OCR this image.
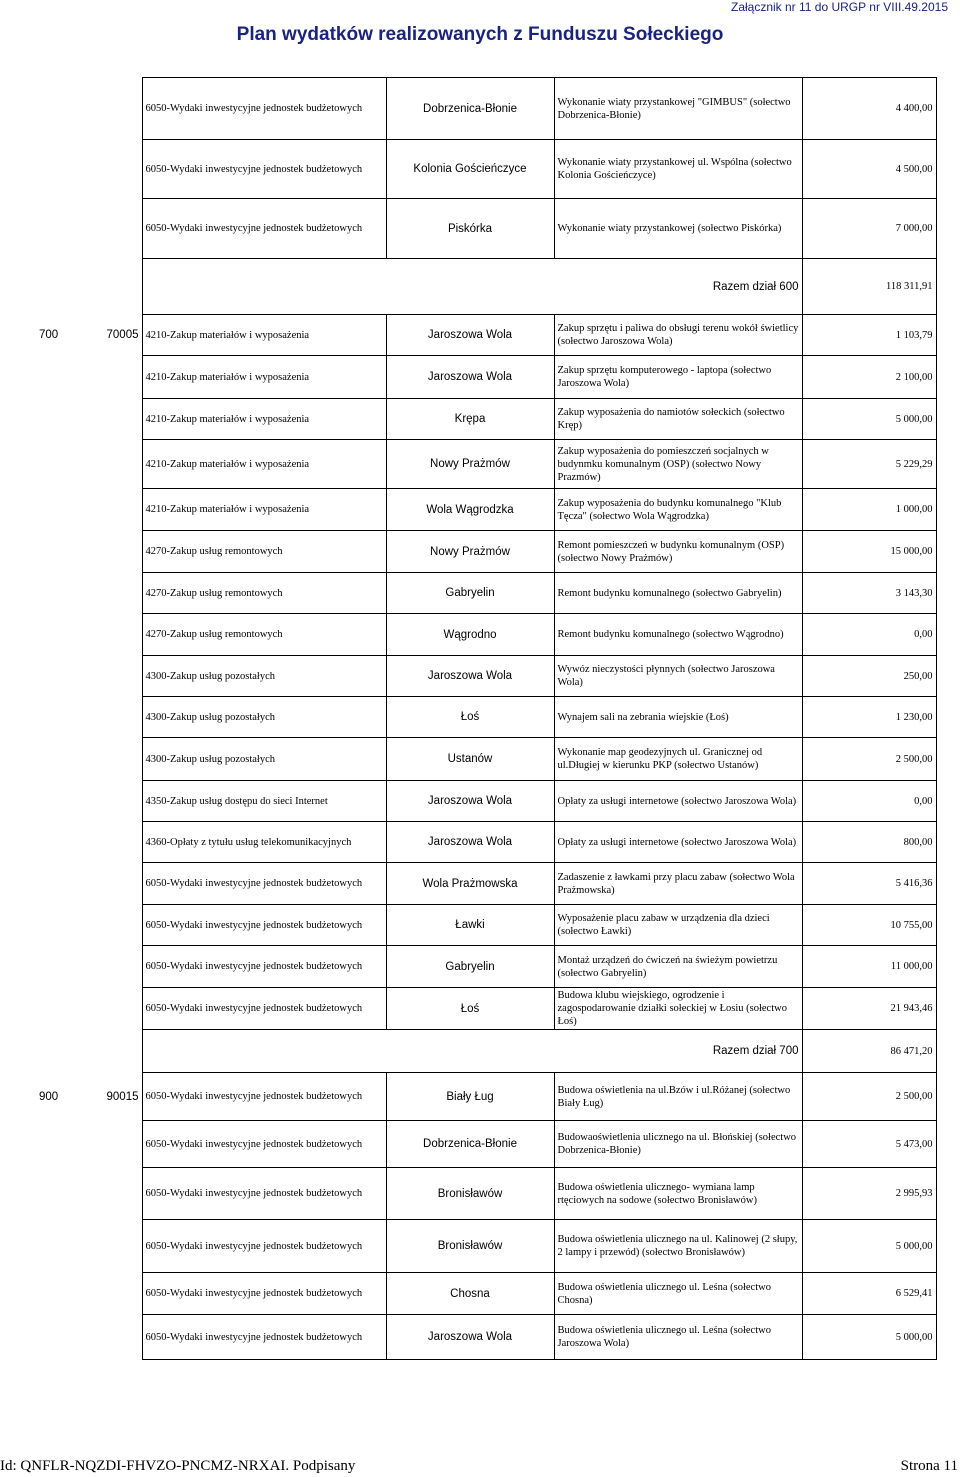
Załącznik nr 11 do URGP nr VIII.49.2015
Plan wydatków realizowanych z Funduszu Sołeckiego
		6050-Wydaki inwestycyjne jednostek budżetowych	Dobrzenica-Błonie	Wykonanie wiaty przystankowej "GIMBUS" (sołectwo Dobrzenica-Błonie)	4 400,00
		6050-Wydaki inwestycyjne jednostek budżetowych	Kolonia Gościeńczyce	Wykonanie wiaty przystankowej ul. Wspólna (sołectwo Kolonia Gościeńczyce)	4 500,00
		6050-Wydaki inwestycyjne jednostek budżetowych	Piskórka	Wykonanie wiaty przystankowej (sołectwo Piskórka)	7 000,00
		Razem dział 600			118 311,91
700	70005	4210-Zakup materiałów i wyposażenia	Jaroszowa Wola	Zakup sprzętu i paliwa do obsługi terenu wokół świetlicy (sołectwo Jaroszowa Wola)	1 103,79
		4210-Zakup materiałów i wyposażenia	Jaroszowa Wola	Zakup sprzętu komputerowego - laptopa (sołectwo Jaroszowa Wola)	2 100,00
		4210-Zakup materiałów i wyposażenia	Krępa	Zakup wyposażenia do namiotów sołeckich (sołectwo Kręp)	5 000,00
		4210-Zakup materiałów i wyposażenia	Nowy Prażmów	Zakup wyposażenia do pomieszczeń socjalnych w budynmku komunalnym (OSP) (sołectwo Nowy Prazmów)	5 229,29
		4210-Zakup materiałów i wyposażenia	Wola Wągrodzka	Zakup wyposażenia do budynku komunalnego "Klub Tęcza" (sołectwo Wola Wągrodzka)	1 000,00
		4270-Zakup usług remontowych	Nowy Prażmów	Remont pomieszczeń w budynku komunalnym (OSP) (sołectwo Nowy Prażmów)	15 000,00
		4270-Zakup usług remontowych	Gabryelin	Remont budynku komunalnego (sołectwo Gabryelin)	3 143,30
		4270-Zakup usług remontowych	Wągrodno	Remont budynku komunalnego (sołectwo Wągrodno)	0,00
		4300-Zakup usług pozostałych	Jaroszowa Wola	Wywóz nieczystości płynnych (sołectwo Jaroszowa Wola)	250,00
		4300-Zakup usług pozostałych	Łoś	Wynajem sali na zebrania wiejskie (Łoś)	1 230,00
		4300-Zakup usług pozostałych	Ustanów	Wykonanie map geodezyjnych ul. Granicznej od ul.Długiej w kierunku PKP (sołectwo Ustanów)	2 500,00
		4350-Zakup usług dostępu do sieci Internet	Jaroszowa Wola	Opłaty za usługi internetowe (sołectwo Jaroszowa Wola)	0,00
		4360-Opłaty z tytułu usług telekomunikacyjnych	Jaroszowa Wola	Opłaty za usługi internetowe (sołectwo Jaroszowa Wola)	800,00
		6050-Wydaki inwestycyjne jednostek budżetowych	Wola Prażmowska	Zadaszenie z ławkami przy placu zabaw (sołectwo Wola Prażmowska)	5 416,36
		6050-Wydaki inwestycyjne jednostek budżetowych	Ławki	Wyposażenie placu zabaw w urządzenia dla dzieci (sołectwo Ławki)	10 755,00
		6050-Wydaki inwestycyjne jednostek budżetowych	Gabryelin	Montaż urządzeń do ćwiczeń na świeżym powietrzu (sołectwo Gabryelin)	11 000,00
		6050-Wydaki inwestycyjne jednostek budżetowych	Łoś	Budowa klubu wiejskiego, ogrodzenie i zagospodarowanie działki sołeckiej w Łosiu (sołectwo Łoś)	21 943,46
		Razem dział 700			86 471,20
900	90015	6050-Wydaki inwestycyjne jednostek budżetowych	Biały Ług	Budowa oświetlenia na ul.Bzów i ul.Różanej (sołectwo Biały Ług)	2 500,00
		6050-Wydaki inwestycyjne jednostek budżetowych	Dobrzenica-Błonie	Budowaoświetlenia ulicznego na ul. Błońskiej (sołectwo Dobrzenica-Błonie)	5 473,00
		6050-Wydaki inwestycyjne jednostek budżetowych	Bronisławów	Budowa oświetlenia ulicznego- wymiana lamp rtęciowych na sodowe (sołectwo Bronisławów)	2 995,93
		6050-Wydaki inwestycyjne jednostek budżetowych	Bronisławów	Budowa oświetlenia ulicznego na ul. Kalinowej (2 słupy, 2 lampy i przewód) (sołectwo Bronisławów)	5 000,00
		6050-Wydaki inwestycyjne jednostek budżetowych	Chosna	Budowa oświetlenia ulicznego ul. Leśna (sołectwo Chosna)	6 529,41
		6050-Wydaki inwestycyjne jednostek budżetowych	Jaroszowa Wola	Budowa oświetlenia ulicznego ul. Leśna (sołectwo Jaroszowa Wola)	5 000,00
Id: QNFLR-NQZDI-FHVZO-PNCMZ-NRXAI. Podpisany	Strona 11
